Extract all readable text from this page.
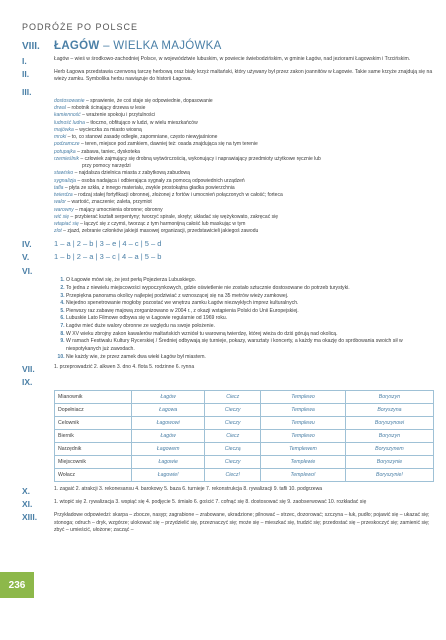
PODRÓŻE PO POLSCE
VIII.	ŁAGÓW – WIELKA MAJÓWKA
I.	Łagów – wieś w środkowo-zachodniej Polsce, w województwie lubuskim, w powiecie świebodzińskim, w gminie Łagów, nad jeziorami Łagowskim i Trzcińskim.
II.	Herb Łagowa przedstawia czerwoną tarczę herbową oraz biały krzyż maltański, który używany był przez zakon joannitów w Łagowie. Takie same krzyże znajdują się na wieży zamku. Symbolika herbu nawiązuje do historii Łagowa.
III.
dostosowanie – sprawienie, że coś staje się odpowiednie, dopasowanie
drwal – robotnik ścinający drzewa w lesie
kamienność – wrażenie spokoju i przytulności
ludność ludna – tłoczno, obfitująco w ludzi, w wielu mieszkańców
majówka – wycieczka za miasto wiosną
mroki – to, co stanowi zasadę odległe, zapomniane, często niewyjaśnione
podzamcze – teren, miejsce pod zamkiem, dawniej też: osada znajdująca się na tym terenie
potupajka – zabawa, taniec, dyskoteka
rzemieślnik – człowiek zajmujący się drobną wytwórczością, wykonujący i naprawiający przedmioty użytkowe ręcznie lub
przy pomocy narzędzi
stawisko – najdalsza dzielnica miasta z zabytkową zabudową
sygnalizja – osoba nadająca i odbierająca sygnały za pomocą odpowiednich urządzeń
tafla – płyta ze szkła, z innego materiału, zwykle prostokątna gładka powierzchnia
twierdza – rodzaj stałej fortyfikacji obronnej, złożonej z fortów i umocnień połączonych w całość; forteca
walor – wartość, znaczenie; zaleta, przymiot
warowny – mający umocnienia obronne; obronny
wić się – przybierać kształt serpentyny; tworzyć spirale, skręty; układać się wężykowato, zakręcać się
wtapiać się – łączyć się z czymś, tworząc z tym harmonijną całość lub maskując w tym
zlot – zjazd, zebranie członków jakiejś masowej organizacji, przedstawicieli jakiegoś zawodu
IV.	1 – a | 2 – b | 3 – e | 4 – c | 5 – d
V.	1 – b | 2 – a | 3 – c | 4 – a | 5 – b
VI.
1. O Łagowie mówi się, że jest perłą Pojezierza Lubuskiego.
2. To jedna z niewielu miejscowości wypoczynkowych, gdzie oświetlenie nie zostało sztucznie dostosowane do potrzeb turystyki.
3. Przepiękna panorama okolicy najlepiej podziwiać z wznoszącej się na 35 metrów wieży zamkowej.
4. Niejedno spenetrowanie mogłoby pozostać we wnętrzu zamku Łagów niezwykłych imprez kulturalnych.
5. Pierwszy raz zabawę majową zorganizowano w 2004 r., z okazji wstąpienia Polski do Unii Europejskiej.
6. Lubuskie Lato Filmowe odbywa się w Łagowie regularnie od 1969 roku.
7. Łagów mieć duże walory obronne ze względu na swoje położenie.
8. W XV wieku zbrojny zakon kawalerów maltańskich wzniósł tu warowną twierdzę, której wieża do dziś górują nad okolicą.
9. W ramach Festiwalu Kultury Rycerskiej / Średniej odbywają się turnieje, pokazy, warsztaty i koncerty, a każdy ma okazję do spróbowania swoich sił w niespotykanych już zawodach.
10. Nie każdy wie, że przez zamek dwa wieki Łagów był miastem.
VII.	1. przeprowadzić 2. alkwen 3. dno 4. flota 5. rodzinne 6. rynna
IX.
Mianownik	Łagów	Ciecz	Templewo	Boryszyn
Dopełniacz	Łagowa	Cieczy	Templewa	Boryszyna
Celownik	Łagowowi	Cieczy	Templewu	Boryszynowi
Biernik	Łagów	Ciecz	Templewo	Boryszyn
Narzędnik	Łagowem	Cieczą	Templewem	Boryszynem
Miejscownik	Łagowie	Cieczy	Templewie	Boryszynie
Wołacz	Łagowie!	Ciecz!	Templewo!	Boryszynie!
X.	1. zagaić 2. atrakcji 3. rekonesansu 4. barokowy 5. baza 6. turnieje 7. rekonstrukcja 8. rywalizacji 9. tafli 10. podgrzewa
XI.	1. wtopić się 2. rywalizacja 3. wspiąć się 4. podjęcie 5. śmiało 6. gościć 7. cofnąć się 8. dostosować się 9. zaobserwować 10. rozkładać się
XIII.	Przykładowe odpowiedzi: skarpa – zbocze, nasyp; zagrabione – zrabowane, ukradzione; pilnować – strzec, dozorować; szczyna – łuk, pudło; pojawić się – ukazać się; stonoga; odruch – dryk, wzgórze; ulokować się – przydzielić się, przeznaczyć się; może się – mieszkać się, trudzić się; przedostać się – przeskoczyć się; zamienić się; zbyć – umieścić, ułożone; zacząć –
236
